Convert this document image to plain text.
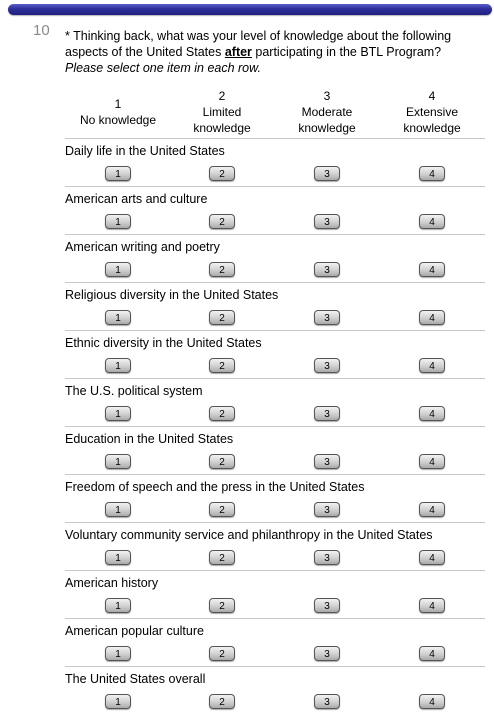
10 * Thinking back, what was your level of knowledge about the following aspects of the United States after participating in the BTL Program?
Please select one item in each row.
1
No knowledge
2
Limited
knowledge
3
Moderate
knowledge
4
Extensive
knowledge
Daily life in the United States
1	2	3	4
American arts and culture
1	2	3	4
American writing and poetry
1	2	3	4
Religious diversity in the United States
1	2	3	4
Ethnic diversity in the United States
1	2	3	4
The U.S. political system
1	2	3	4
Education in the United States
1	2	3	4
Freedom of speech and the press in the United States
1	2	3	4
Voluntary community service and philanthropy in the United States
1	2	3	4
American history
1	2	3	4
American popular culture
1	2	3	4
The United States overall
1	2	3	4
